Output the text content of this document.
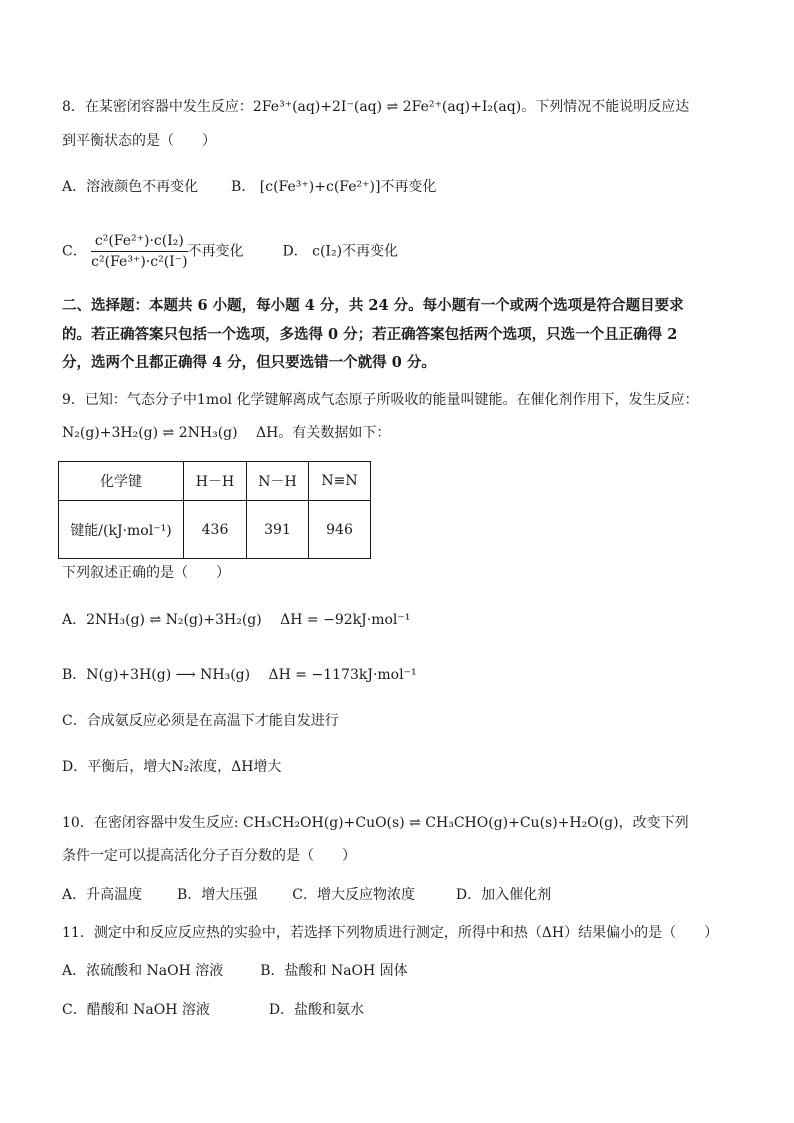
8．在某密闭容器中发生反应：2Fe³⁺(aq)+2I⁻(aq) ⇌ 2Fe²⁺(aq)+I₂(aq)。下列情况不能说明反应达
到平衡状态的是（　　）
A．溶液颜色不再变化 B． [c(Fe³⁺)+c(Fe²⁺)]不再变化
C． $\frac{\text{c²(Fe²⁺)·c(I₂)}}{\text{c²(Fe³⁺)·c²(I⁻)}}$ 不再变化	D． c(I₂)不再变化
二、选择题：本题共 6 小题，每小题 4 分，共 24 分。每小题有一个或两个选项是符合题目要求
的。若正确答案只包括一个选项，多选得 0 分；若正确答案包括两个选项，只选一个且正确得 2
分，选两个且都正确得 4 分，但只要选错一个就得 0 分。
9．已知：气态分子中1mol 化学键解离成气态原子所吸收的能量叫键能。在催化剂作用下，发生反应：
N₂(g)+3H₂(g) ⇌ 2NH₃(g)　 ΔH。有关数据如下：
化学键	H－H	N－H	N≡N
键能/(kJ·mol⁻¹)	436	391	946
下列叙述正确的是（　　）
A．2NH₃(g) ⇌ N₂(g)+3H₂(g)　 ΔH = −92kJ·mol⁻¹
B．N(g)+3H(g) ⟶ NH₃(g)　 ΔH = −1173kJ·mol⁻¹
C．合成氨反应必须是在高温下才能自发进行
D．平衡后，增大N₂浓度，ΔH增大
10．在密闭容器中发生反应: CH₃CH₂OH(g)+CuO(s) ⇌ CH₃CHO(g)+Cu(s)+H₂O(g)，改变下列
条件一定可以提高活化分子百分数的是（　　）
A．升高温度 B．增大压强 C．增大反应物浓度	D．加入催化剂
11．测定中和反应反应热的实验中，若选择下列物质进行测定，所得中和热（ΔH）结果偏小的是（　　）
A．浓硫酸和 NaOH 溶液	B．盐酸和 NaOH 固体
C．醋酸和 NaOH 溶液	D．盐酸和氨水
